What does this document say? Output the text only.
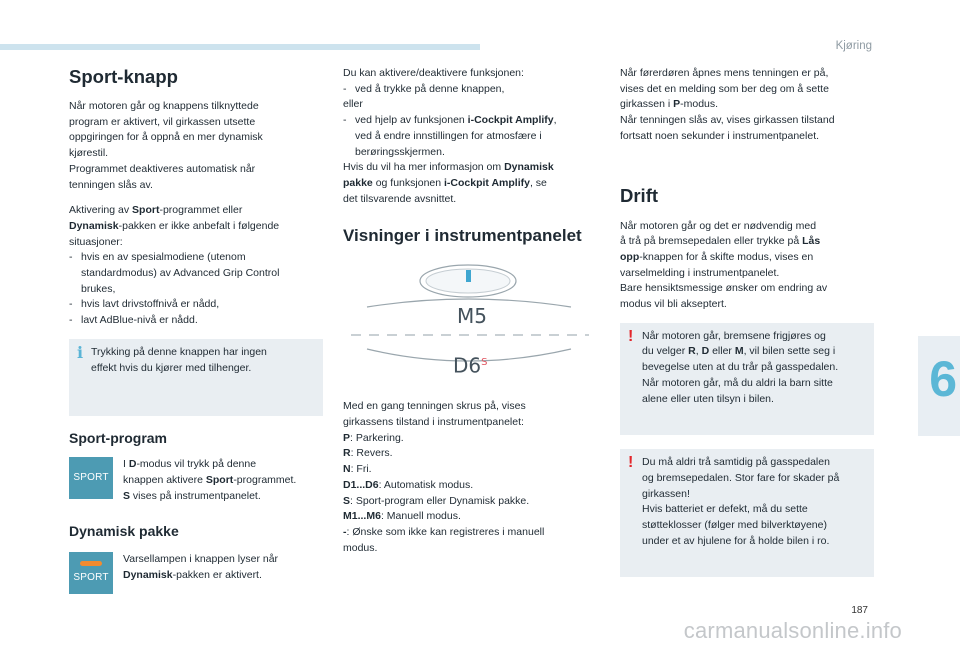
Kjøring
6
187
carmanualsonline.info
Sport-knapp

Når motoren går og knappens tilknyttede
program er aktivert, vil girkassen utsette
oppgiringen for å oppnå en mer dynamisk
kjørestil.
Programmet deaktiveres automatisk når
tenningen slås av.

Aktivering av Sport-programmet eller
Dynamisk-pakken er ikke anbefalt i følgende
situasjoner:
- hvis en av spesialmodiene (utenom
standardmodus) av Advanced Grip Control
brukes,
- hvis lavt drivstoffnivå er nådd,
- lavt AdBlue-nivå er nådd.

i Trykking på denne knappen har ingen
effekt hvis du kjører med tilhenger.
Sport-program
SPORT
I D-modus vil trykk på denne
knappen aktivere Sport-programmet.
S vises på instrumentpanelet.
Dynamisk pakke
SPORT
Varsellampen i knappen lyser når
Dynamisk-pakken er aktivert.

Du kan aktivere/deaktivere funksjonen:
- ved å trykke på denne knappen,
eller
- ved hjelp av funksjonen i-Cockpit Amplify,
ved å endre innstillingen for atmosfære i
berøringsskjermen.
Hvis du vil ha mer informasjon om Dynamisk
pakke og funksjonen i-Cockpit Amplify, se
det tilsvarende avsnittet.

Visninger i instrumentpanelet
M5
$D6^S$

Med en gang tenningen skrus på, vises
girkassens tilstand i instrumentpanelet:
P: Parkering.
R: Revers.
N: Fri.
D1...D6: Automatisk modus.
S: Sport-program eller Dynamisk pakke.
M1...M6: Manuell modus.
-: Ønske som ikke kan registreres i manuell
modus.

Når førerdøren åpnes mens tenningen er på,
vises det en melding som ber deg om å sette
girkassen i P-modus.
Når tenningen slås av, vises girkassen tilstand
fortsatt noen sekunder i instrumentpanelet.

Drift

Når motoren går og det er nødvendig med
å trå på bremsepedalen eller trykke på Lås
opp-knappen for å skifte modus, vises en
varselmelding i instrumentpanelet.
Bare hensiktsmessige ønsker om endring av
modus vil bli akseptert.

! Når motoren går, bremsene frigjøres og
du velger R, D eller M, vil bilen sette seg i
bevegelse uten at du trår på gasspedalen.
Når motoren går, må du aldri la barn sitte
alene eller uten tilsyn i bilen.
! Du må aldri trå samtidig på gasspedalen
og bremsepedalen. Stor fare for skader på
girkassen!
Hvis batteriet er defekt, må du sette
støtteklosser (følger med bilverktøyene)
under et av hjulene for å holde bilen i ro.
